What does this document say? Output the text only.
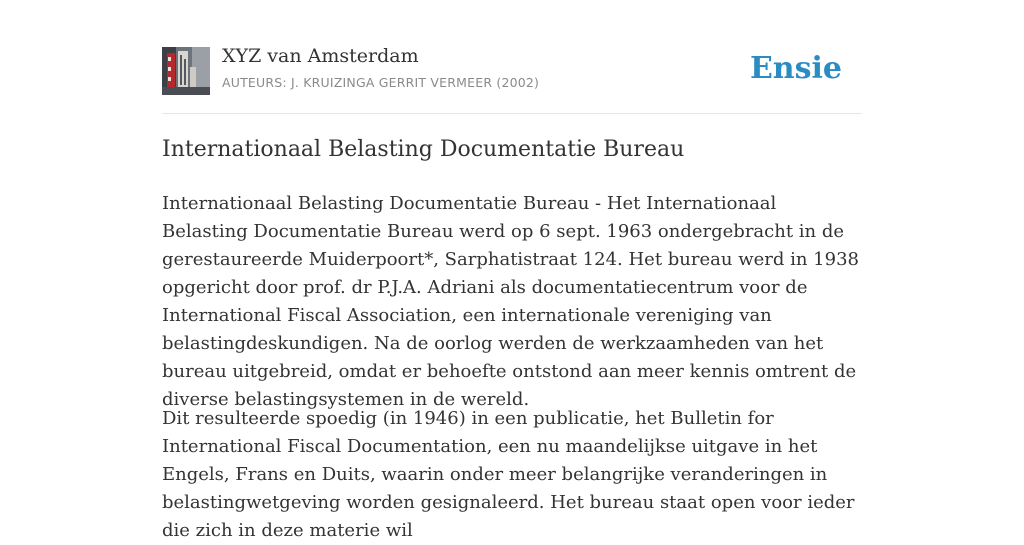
XYZ van Amsterdam
AUTEURS: J. KRUIZINGA GERRIT VERMEER (2002)	Ensie
Internationaal Belasting Documentatie Bureau

Internationaal Belasting Documentatie Bureau - Het Internationaal Belasting Documentatie Bureau werd op 6 sept. 1963 ondergebracht in de gerestaureerde Muiderpoort*, Sarphatistraat 124. Het bureau werd in 1938 opgericht door prof. dr P.J.A. Adriani als documentatiecentrum voor de International Fiscal Association, een internationale vereniging van belastingdeskundigen. Na de oorlog werden de werkzaamheden van het bureau uitgebreid, omdat er behoefte ontstond aan meer kennis omtrent de diverse belastingsystemen in de wereld.

Dit resulteerde spoedig (in 1946) in een publicatie, het Bulletin for International Fiscal Documentation, een nu maandelijkse uitgave in het Engels, Frans en Duits, waarin onder meer belangrijke veranderingen in belastingwetgeving worden gesignaleerd. Het bureau staat open voor ieder die zich in deze materie wil
